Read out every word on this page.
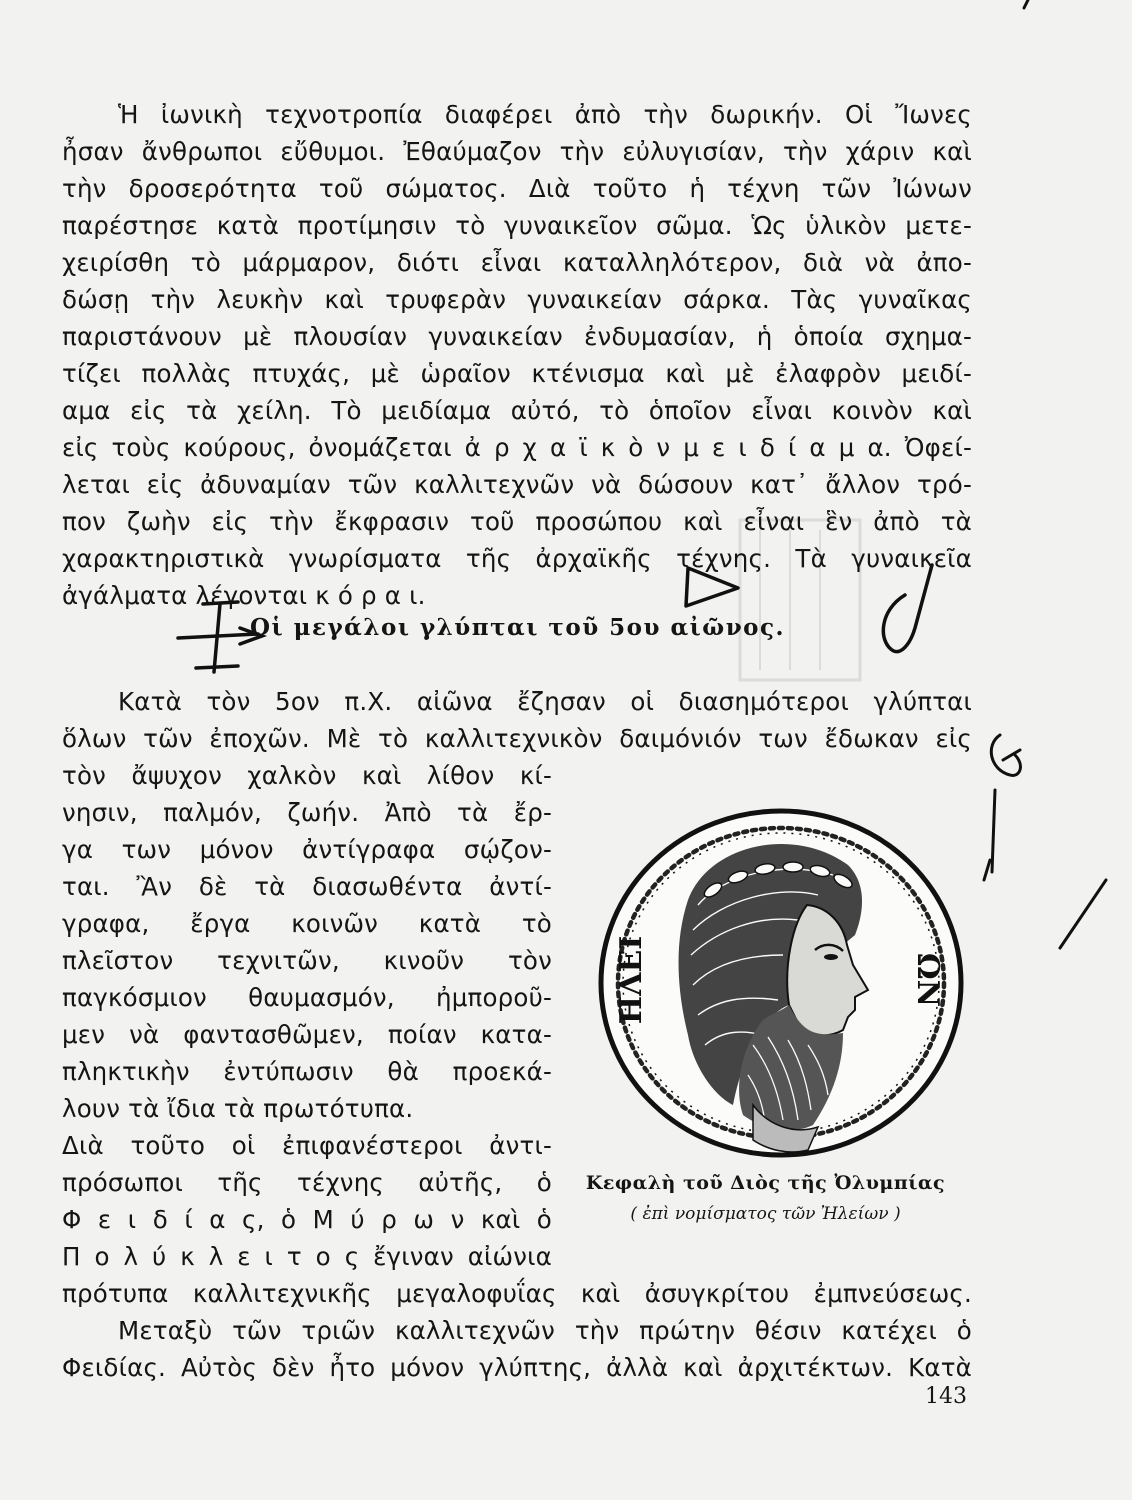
Ἡ ἰωνικὴ τεχνοτροπία διαφέρει ἀπὸ τὴν δωρικήν. Οἱ Ἴωνες
ἦσαν ἄνθρωποι εὔθυμοι. Ἐθαύμαζον τὴν εὐλυγισίαν, τὴν χάριν καὶ
τὴν δροσερότητα τοῦ σώματος. Διὰ τοῦτο ἡ τέχνη τῶν Ἰώνων
παρέστησε κατὰ προτίμησιν τὸ γυναικεῖον σῶμα. Ὡς ὑλικὸν μετε-
χειρίσθη τὸ μάρμαρον, διότι εἶναι καταλληλότερον, διὰ νὰ ἀπο-
δώσῃ τὴν λευκὴν καὶ τρυφερὰν γυναικείαν σάρκα. Τὰς γυναῖκας
παριστάνουν μὲ πλουσίαν γυναικείαν ἐνδυμασίαν, ἡ ὁποία σχημα-
τίζει πολλὰς πτυχάς, μὲ ὡραῖον κτένισμα καὶ μὲ ἐλαφρὸν μειδί-
αμα εἰς τὰ χείλη. Τὸ μειδίαμα αὐτό, τὸ ὁποῖον εἶναι κοινὸν καὶ
εἰς τοὺς κούρους, ὀνομάζεται ἀ ρ χ α ϊ κ ὸ ν μ ε ι δ ί α μ α. Ὀφεί-
λεται εἰς ἀδυναμίαν τῶν καλλιτεχνῶν νὰ δώσουν κατ᾽ ἄλλον τρό-
πον ζωὴν εἰς τὴν ἔκφρασιν τοῦ προσώπου καὶ εἶναι ἓν ἀπὸ τὰ
χαρακτηριστικὰ γνωρίσματα τῆς ἀρχαϊκῆς τέχνης. Τὰ γυναικεῖα
ἀγάλματα λέγονται κ ό ρ α ι.
Οἱ μεγάλοι γλύπται τοῦ 5ου αἰῶνος.
Κατὰ τὸν 5ον π.Χ. αἰῶνα ἔζησαν οἱ διασημότεροι γλύπται
ὅλων τῶν ἐποχῶν. Μὲ τὸ καλλιτεχνικὸν δαιμόνιόν των ἔδωκαν εἰς
τὸν ἄψυχον χαλκὸν καὶ λίθον κί-
νησιν, παλμόν, ζωήν. Ἀπὸ τὰ ἔρ-
γα των μόνον ἀντίγραφα σῴζον-
ται. Ἂν δὲ τὰ διασωθέντα ἀντί-
γραφα, ἔργα κοινῶν κατὰ τὸ
πλεῖστον τεχνιτῶν, κινοῦν τὸν
παγκόσμιον θαυμασμόν, ἠμποροῦ-
μεν νὰ φαντασθῶμεν, ποίαν κατα-
πληκτικὴν ἐντύπωσιν θὰ προεκά-
λουν τὰ ἴδια τὰ πρωτότυπα.
Διὰ τοῦτο οἱ ἐπιφανέστεροι ἀντι-
πρόσωποι τῆς τέχνης αὐτῆς, ὁ
Φ ε ι δ ί α ς, ὁ Μ ύ ρ ω ν καὶ ὁ
Π ο λ ύ κ λ ε ι τ ο ς ἔγιναν αἰώνια
πρότυπα καλλιτεχνικῆς μεγαλοφυΐας καὶ ἀσυγκρίτου ἐμπνεύσεως.
Μεταξὺ τῶν τριῶν καλλιτεχνῶν τὴν πρώτην θέσιν κατέχει ὁ
Φειδίας. Αὐτὸς δὲν ἦτο μόνον γλύπτης, ἀλλὰ καὶ ἀρχιτέκτων. Κατὰ
ΗΛΕΙ	ΩΝ
Κεφαλὴ τοῦ Διὸς τῆς Ὀλυμπίας
( ἐπὶ νομίσματος τῶν Ἠλείων )
143
